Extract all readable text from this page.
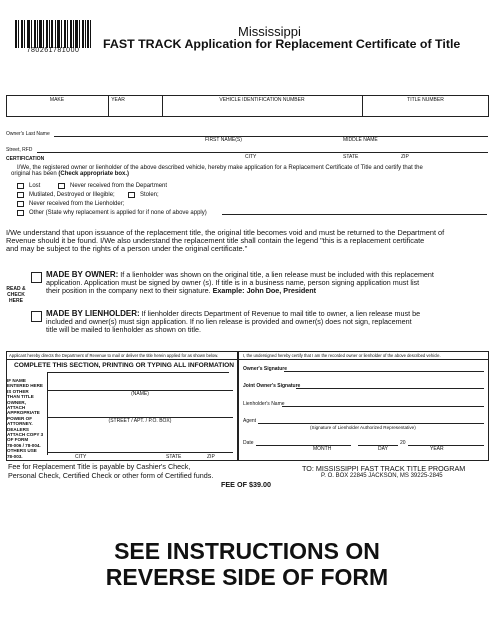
780261781000
Mississippi
FAST TRACK Application for Replacement Certificate of Title
MAKE	YEAR	VEHICLE IDENTIFICATION NUMBER	TITLE NUMBER
Owner's Last Name
FIRST NAME(S)	MIDDLE NAME
Street, RFD
CITY	STATE	ZIP
CERTIFICATION
I/We, the registered owner or lienholder of the above described vehicle, hereby make application for a Replacement Certificate of Title and certify that the
original has been (Check appropriate box.)
Lost	Never received from the Department
Mutilated, Destroyed or Illegible;	Stolen;
Never received from the Lienholder;
Other (State why replacement is applied for if none of above apply)
I/We understand that upon issuance of the replacement title, the original title becomes void and must be returned to the Department of
Revenue should it be found. I/We also understand the replacement title shall contain the legend "this is a replacement certificate
and may be subject to the rights of a person under the original certificate."
READ &
CHECK
HERE
MADE BY OWNER: If a lienholder was shown on the original title, a lien release must be included with this replacement
application. Application must be signed by owner (s). If title is in a business name, person signing application must list
their position in the company next to their signature. Example: John Doe, President
MADE BY LIENHOLDER: If lienholder directs Department of Revenue to mail title to owner, a lien release must be
included and owner(s) must sign application. If no lien release is provided and owner(s) does not sign, replacement
title will be mailed to lienholder as shown on title.
Applicant hereby directs the Department of Revenue to mail or deliver the title herein applied for as shown below.
COMPLETE THIS SECTION, PRINTING OR TYPING ALL INFORMATION
IF NAME
ENTERED HERE
IS OTHER
THAN TITLE
OWNER,
ATTACH
APPROPRIATE
POWER OF
ATTORNEY.
DEALERS
ATTACH COPY 3
OF FORM
78-006 / 78-004.
OTHERS USE
78-003.
(NAME)
(STREET / APT. / P.O. BOX)
CITY	STATE	ZIP
I, the undersigned hereby certify that I am the recorded owner or lienholder of the above described vehicle.
Owner's Signature
Joint Owner's Signature
Lienholder's Name
Agent
(Signature of Lienholder Authorized Representative)
Date	20
MONTH	DAY	YEAR
Fee for Replacement Title is payable by Cashier's Check,
Personal Check, Certified Check or other form of Certified funds.
FEE OF $39.00
TO: MISSISSIPPI FAST TRACK TITLE PROGRAM
P. O. BOX 22845 JACKSON, MS 39225-2845
SEE INSTRUCTIONS ON
REVERSE SIDE OF FORM
